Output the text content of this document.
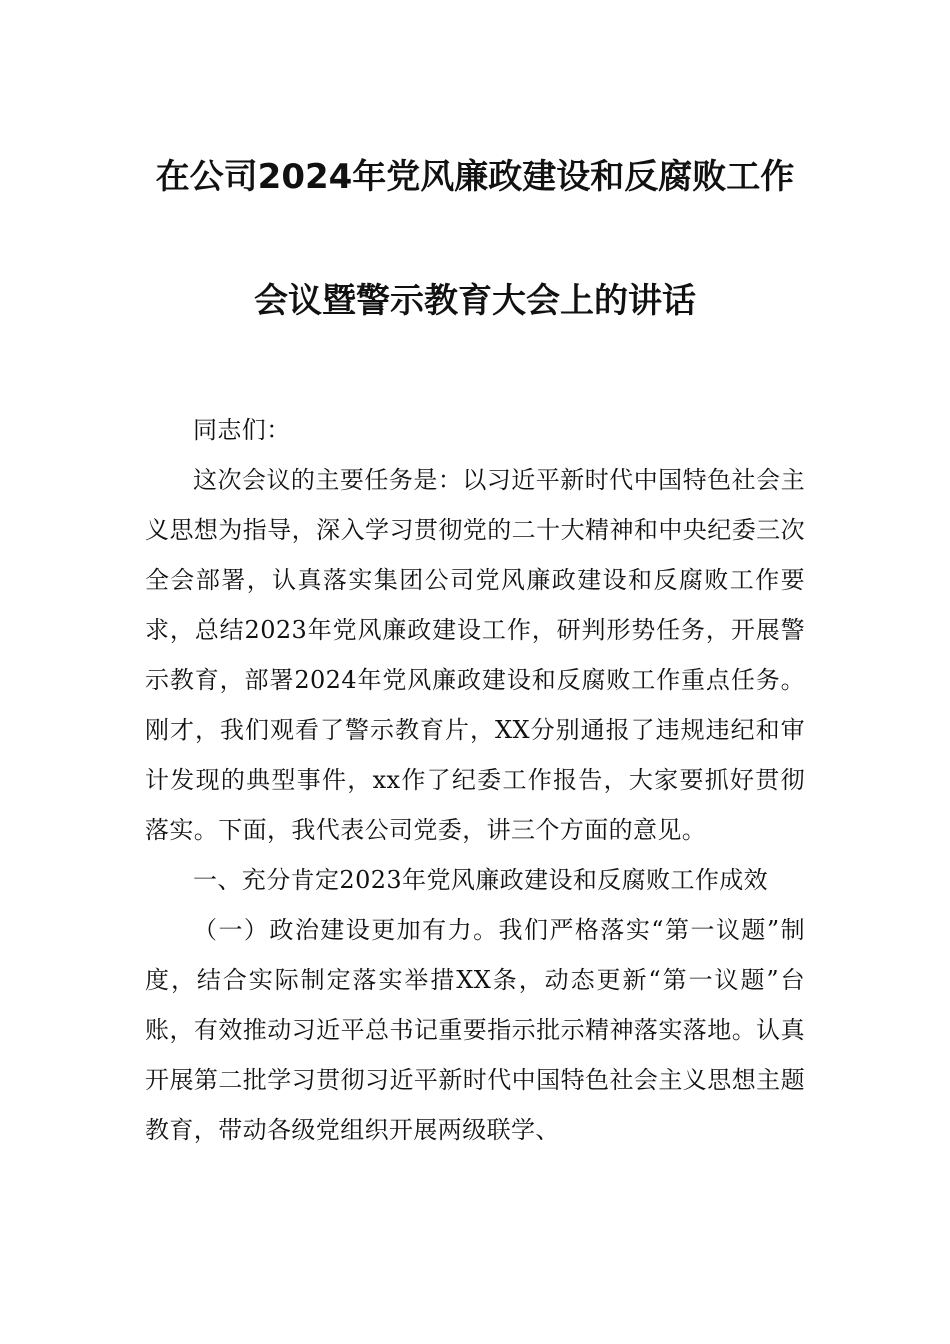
在公司2024年党风廉政建设和反腐败工作
会议暨警示教育大会上的讲话

同志们：

这次会议的主要任务是：以习近平新时代中国特色社会主义思想为指导，深入学习贯彻党的二十大精神和中央纪委三次全会部署，认真落实集团公司党风廉政建设和反腐败工作要求，总结2023年党风廉政建设工作，研判形势任务，开展警示教育，部署2024年党风廉政建设和反腐败工作重点任务。刚才，我们观看了警示教育片，XX分别通报了违规违纪和审计发现的典型事件，xx作了纪委工作报告，大家要抓好贯彻落实。下面，我代表公司党委，讲三个方面的意见。

一、充分肯定2023年党风廉政建设和反腐败工作成效

（一）政治建设更加有力。我们严格落实“第一议题”制度，结合实际制定落实举措XX条，动态更新“第一议题”台账，有效推动习近平总书记重要指示批示精神落实落地。认真开展第二批学习贯彻习近平新时代中国特色社会主义思想主题教育，带动各级党组织开展两级联学、
